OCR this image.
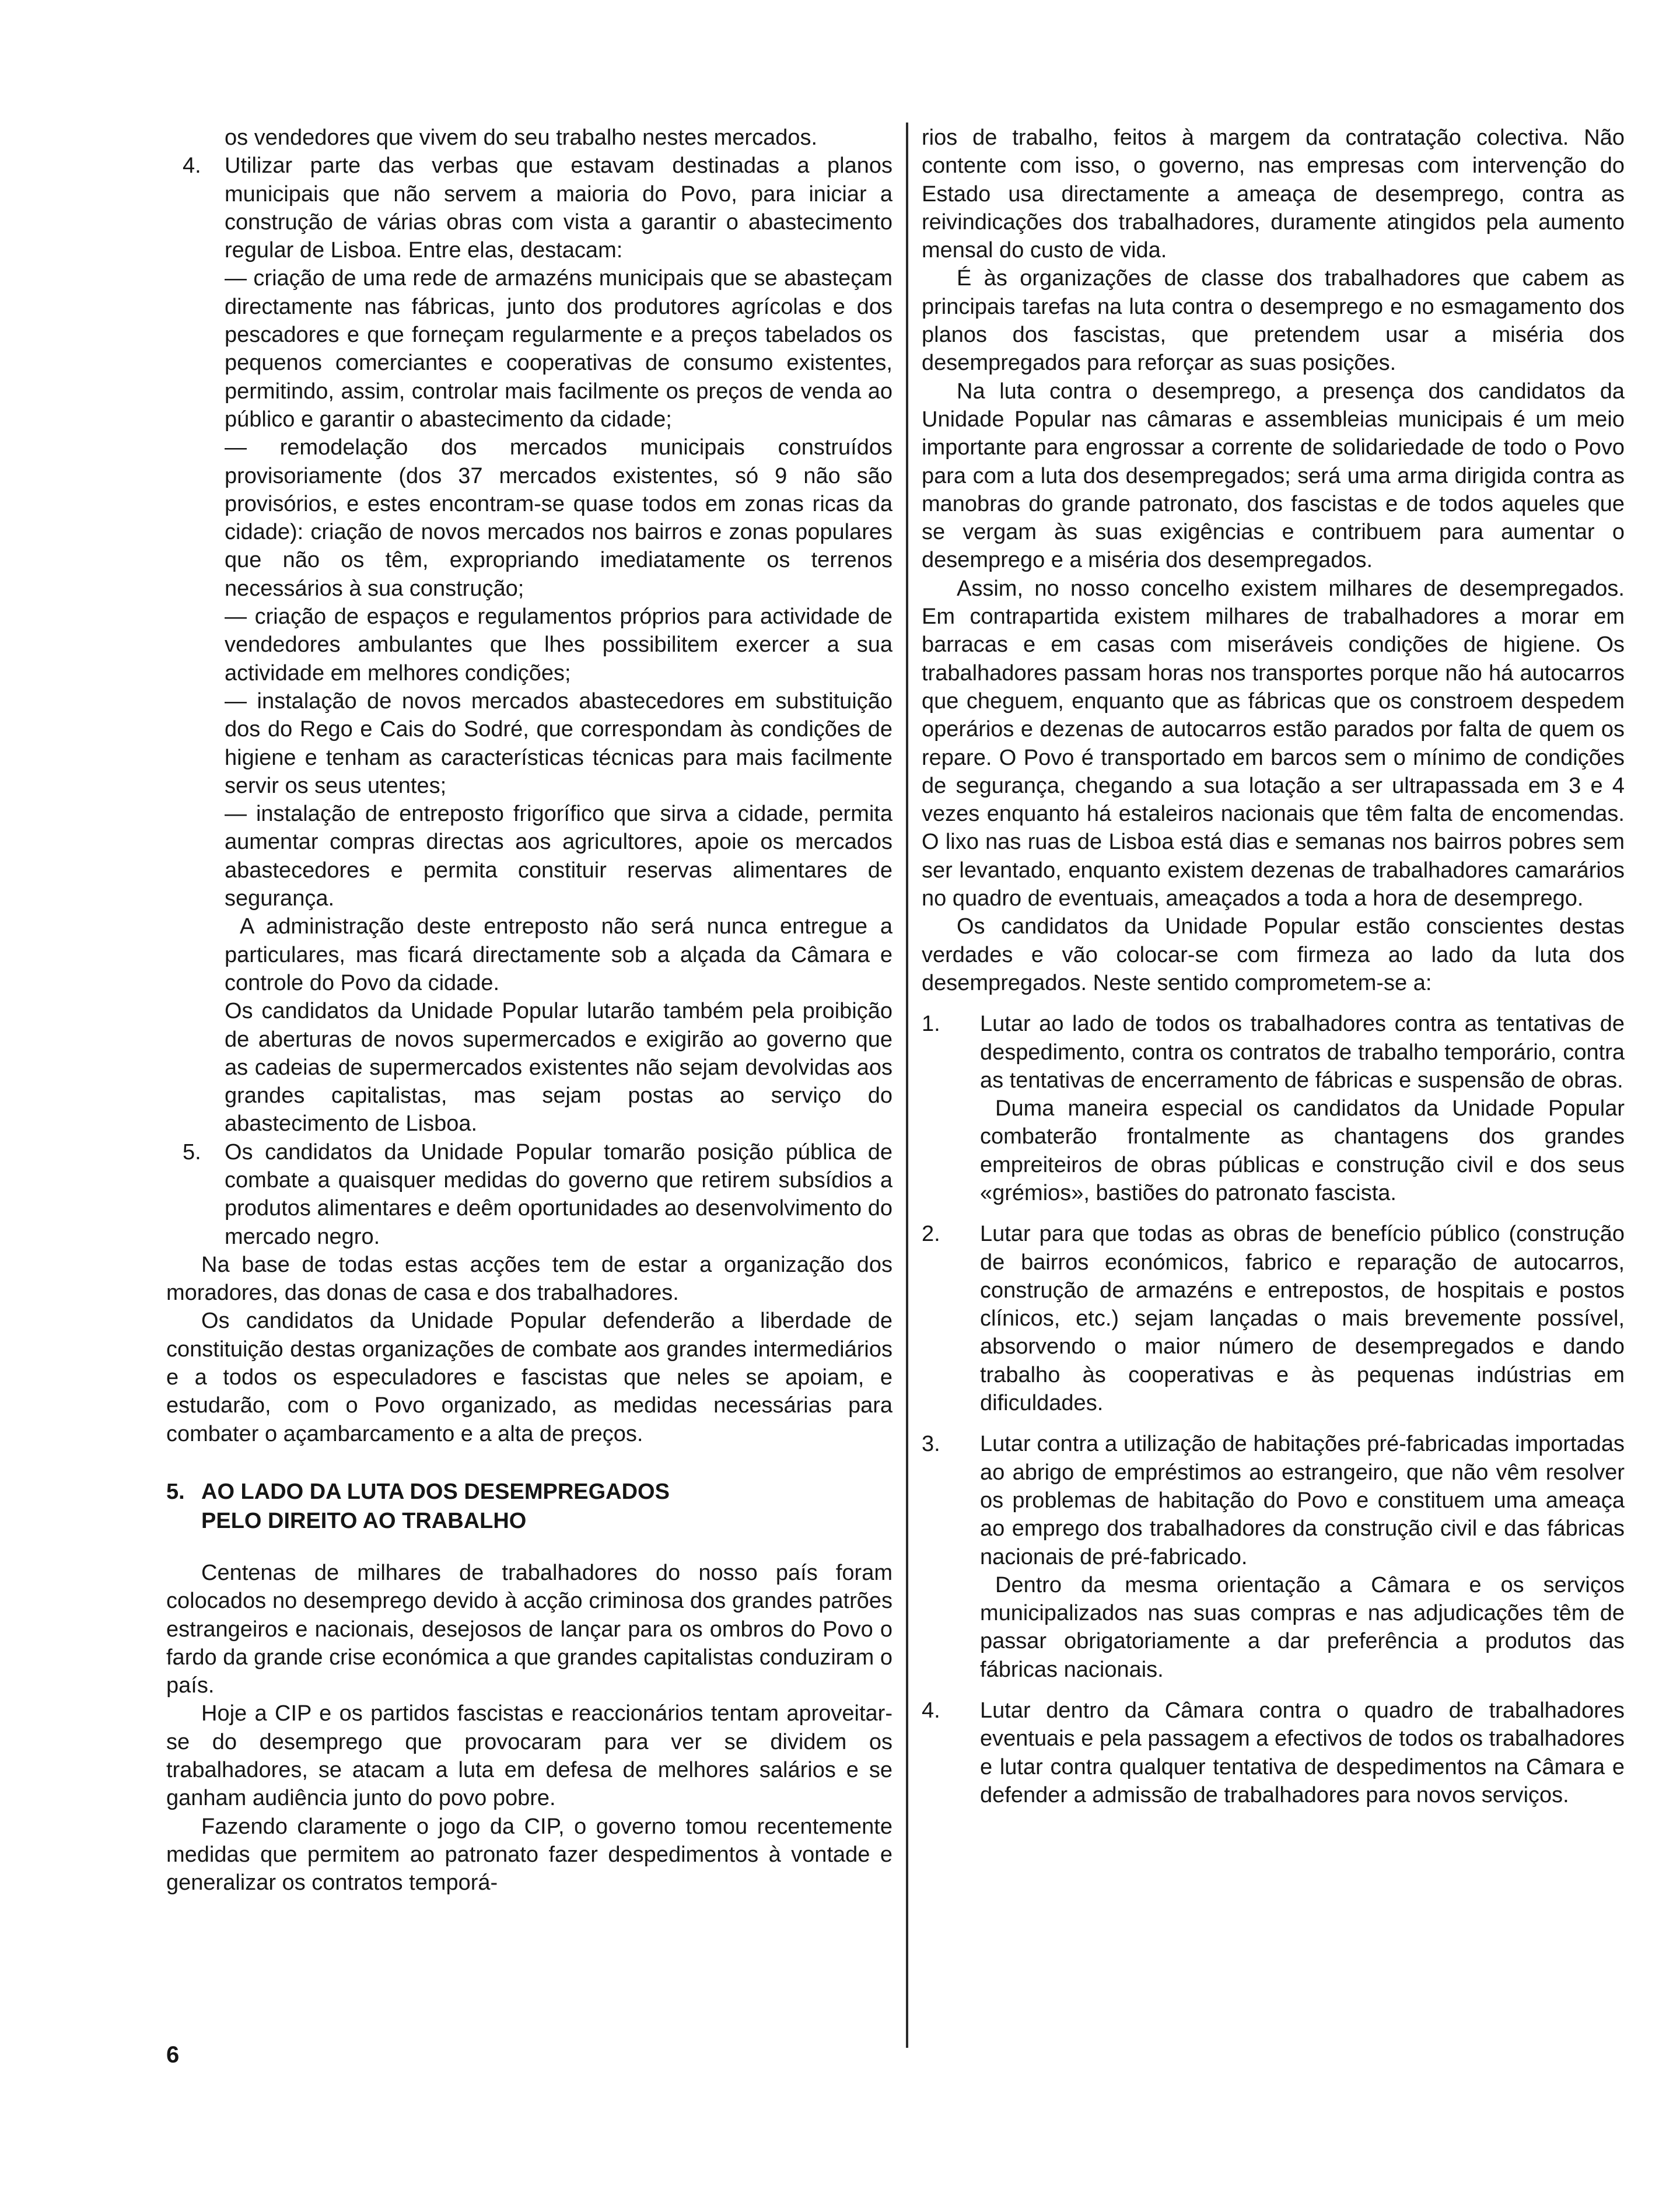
os vendedores que vivem do seu trabalho nestes mercados.

4.	Utilizar parte das verbas que estavam destinadas a planos municipais que não servem a maioria do Povo, para iniciar a construção de várias obras com vista a garantir o abastecimento regular de Lisboa. Entre elas, destacam:

— criação de uma rede de armazéns municipais que se abasteçam directamente nas fábricas, junto dos produtores agrícolas e dos pescadores e que forneçam regularmente e a preços tabelados os pequenos comerciantes e cooperativas de consumo existentes, permitindo, assim, controlar mais facilmente os preços de venda ao público e garantir o abastecimento da cidade;

— remodelação dos mercados municipais construídos provisoriamente (dos 37 mercados existentes, só 9 não são provisórios, e estes encontram-se quase todos em zonas ricas da cidade): criação de novos mercados nos bairros e zonas populares que não os têm, expropriando imediatamente os terrenos necessários à sua construção;

— criação de espaços e regulamentos próprios para actividade de vendedores ambulantes que lhes possibilitem exercer a sua actividade em melhores condições;

— instalação de novos mercados abastecedores em substituição dos do Rego e Cais do Sodré, que correspondam às condições de higiene e tenham as características técnicas para mais facilmente servir os seus utentes;

— instalação de entreposto frigorífico que sirva a cidade, permita aumentar compras directas aos agricultores, apoie os mercados abastecedores e permita constituir reservas alimentares de segurança.

A administração deste entreposto não será nunca entregue a particulares, mas ficará directamente sob a alçada da Câmara e controle do Povo da cidade.

Os candidatos da Unidade Popular lutarão também pela proibição de aberturas de novos supermercados e exigirão ao governo que as cadeias de supermercados existentes não sejam devolvidas aos grandes capitalistas, mas sejam postas ao serviço do abastecimento de Lisboa.

5.	Os candidatos da Unidade Popular tomarão posição pública de combate a quaisquer medidas do governo que retirem subsídios a produtos alimentares e deêm oportunidades ao desenvolvimento do mercado negro.

Na base de todas estas acções tem de estar a organização dos moradores, das donas de casa e dos trabalhadores.

Os candidatos da Unidade Popular defenderão a liberdade de constituição destas organizações de combate aos grandes intermediários e a todos os especuladores e fascistas que neles se apoiam, e estudarão, com o Povo organizado, as medidas necessárias para combater o açambarcamento e a alta de preços.

5. AO LADO DA LUTA DOS DESEMPREGADOS
PELO DIREITO AO TRABALHO

Centenas de milhares de trabalhadores do nosso país foram colocados no desemprego devido à acção criminosa dos grandes patrões estrangeiros e nacionais, desejosos de lançar para os ombros do Povo o fardo da grande crise económica a que grandes capitalistas conduziram o país.

Hoje a CIP e os partidos fascistas e reaccionários tentam aproveitar-se do desemprego que provocaram para ver se dividem os trabalhadores, se atacam a luta em defesa de melhores salários e se ganham audiência junto do povo pobre.

Fazendo claramente o jogo da CIP, o governo tomou recentemente medidas que permitem ao patronato fazer despedimentos à vontade e generalizar os contratos temporá-

rios de trabalho, feitos à margem da contratação colectiva. Não contente com isso, o governo, nas empresas com intervenção do Estado usa directamente a ameaça de desemprego, contra as reivindicações dos trabalhadores, duramente atingidos pela aumento mensal do custo de vida.

É às organizações de classe dos trabalhadores que cabem as principais tarefas na luta contra o desemprego e no esmagamento dos planos dos fascistas, que pretendem usar a miséria dos desempregados para reforçar as suas posições.

Na luta contra o desemprego, a presença dos candidatos da Unidade Popular nas câmaras e assembleias municipais é um meio importante para engrossar a corrente de solidariedade de todo o Povo para com a luta dos desempregados; será uma arma dirigida contra as manobras do grande patronato, dos fascistas e de todos aqueles que se vergam às suas exigências e contribuem para aumentar o desemprego e a miséria dos desempregados.

Assim, no nosso concelho existem milhares de desempregados. Em contrapartida existem milhares de trabalhadores a morar em barracas e em casas com miseráveis condições de higiene. Os trabalhadores passam horas nos transportes porque não há autocarros que cheguem, enquanto que as fábricas que os constroem despedem operários e dezenas de autocarros estão parados por falta de quem os repare. O Povo é transportado em barcos sem o mínimo de condições de segurança, chegando a sua lotação a ser ultrapassada em 3 e 4 vezes enquanto há estaleiros nacionais que têm falta de encomendas. O lixo nas ruas de Lisboa está dias e semanas nos bairros pobres sem ser levantado, enquanto existem dezenas de trabalhadores camarários no quadro de eventuais, ameaçados a toda a hora de desemprego.

Os candidatos da Unidade Popular estão conscientes destas verdades e vão colocar-se com firmeza ao lado da luta dos desempregados. Neste sentido comprometem-se a:

1.	Lutar ao lado de todos os trabalhadores contra as tentativas de despedimento, contra os contratos de trabalho temporário, contra as tentativas de encerramento de fábricas e suspensão de obras.

Duma maneira especial os candidatos da Unidade Popular combaterão frontalmente as chantagens dos grandes empreiteiros de obras públicas e construção civil e dos seus «grémios», bastiões do patronato fascista.

2.	Lutar para que todas as obras de benefício público (construção de bairros económicos, fabrico e reparação de autocarros, construção de armazéns e entrepostos, de hospitais e postos clínicos, etc.) sejam lançadas o mais brevemente possível, absorvendo o maior número de desempregados e dando trabalho às cooperativas e às pequenas indústrias em dificuldades.

3.	Lutar contra a utilização de habitações pré-fabricadas importadas ao abrigo de empréstimos ao estrangeiro, que não vêm resolver os problemas de habitação do Povo e constituem uma ameaça ao emprego dos trabalhadores da construção civil e das fábricas nacionais de pré-fabricado.

Dentro da mesma orientação a Câmara e os serviços municipalizados nas suas compras e nas adjudicações têm de passar obrigatoriamente a dar preferência a produtos das fábricas nacionais.

4.	Lutar dentro da Câmara contra o quadro de trabalhadores eventuais e pela passagem a efectivos de todos os trabalhadores e lutar contra qualquer tentativa de despedimentos na Câmara e defender a admissão de trabalhadores para novos serviços.

6
